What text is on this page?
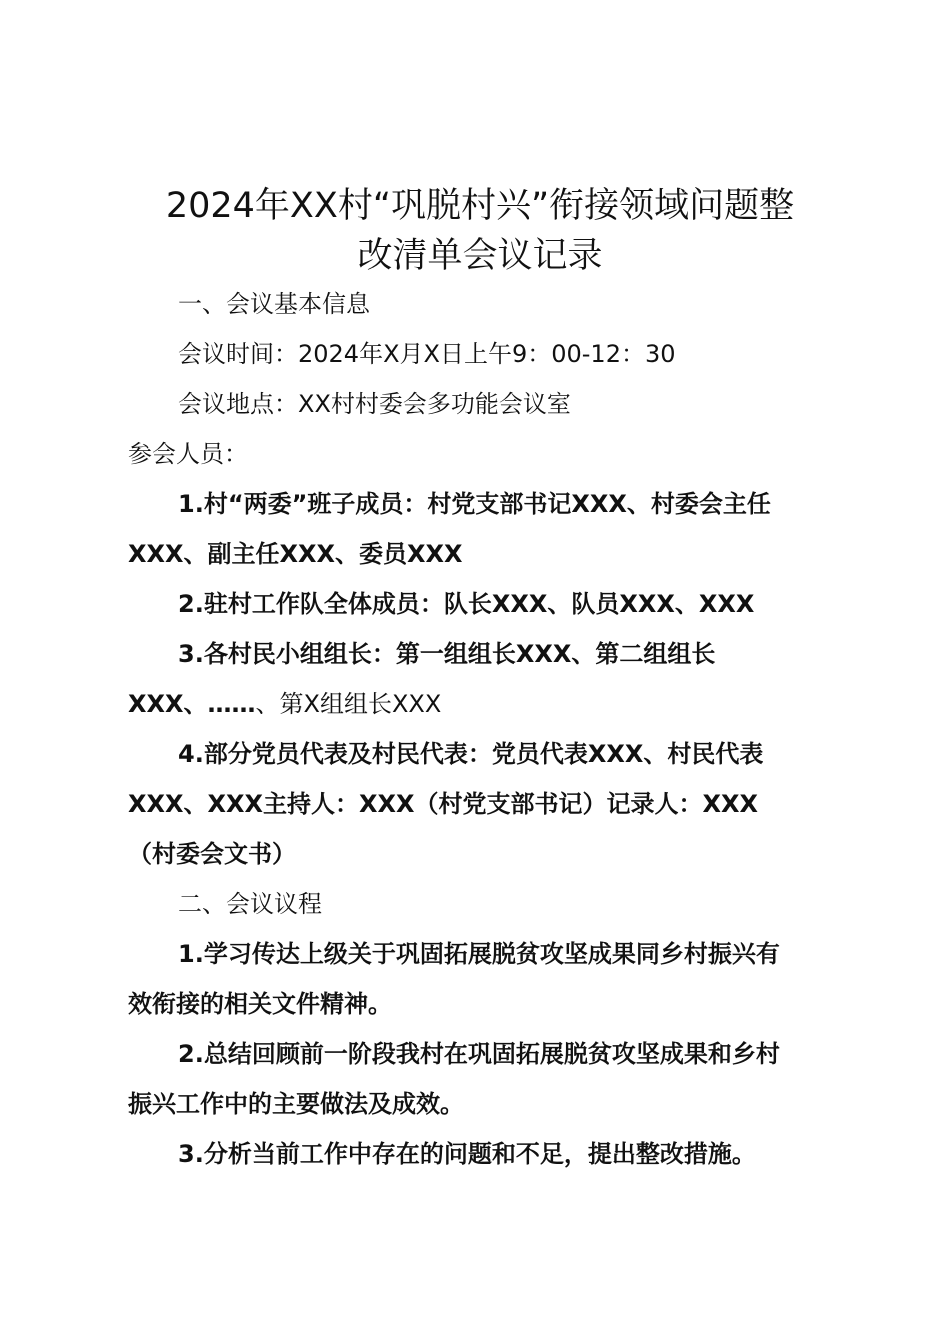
2024年XX村“巩脱村兴”衔接领域问题整
改清单会议记录
一、会议基本信息
会议时间：2024年X月X日上午9：00-12：30
会议地点：XX村村委会多功能会议室
参会人员：
1.村“两委”班子成员：村党支部书记XXX、村委会主任
XXX、副主任XXX、委员XXX
2.驻村工作队全体成员：队长XXX、队员XXX、XXX
3.各村民小组组长：第一组组长XXX、第二组组长
XXX、……、第X组组长XXX
4.部分党员代表及村民代表：党员代表XXX、村民代表
XXX、XXX主持人：XXX（村党支部书记）记录人：XXX
（村委会文书）
二、会议议程
1.学习传达上级关于巩固拓展脱贫攻坚成果同乡村振兴有
效衔接的相关文件精神。
2.总结回顾前一阶段我村在巩固拓展脱贫攻坚成果和乡村
振兴工作中的主要做法及成效。
3.分析当前工作中存在的问题和不足，提出整改措施。
